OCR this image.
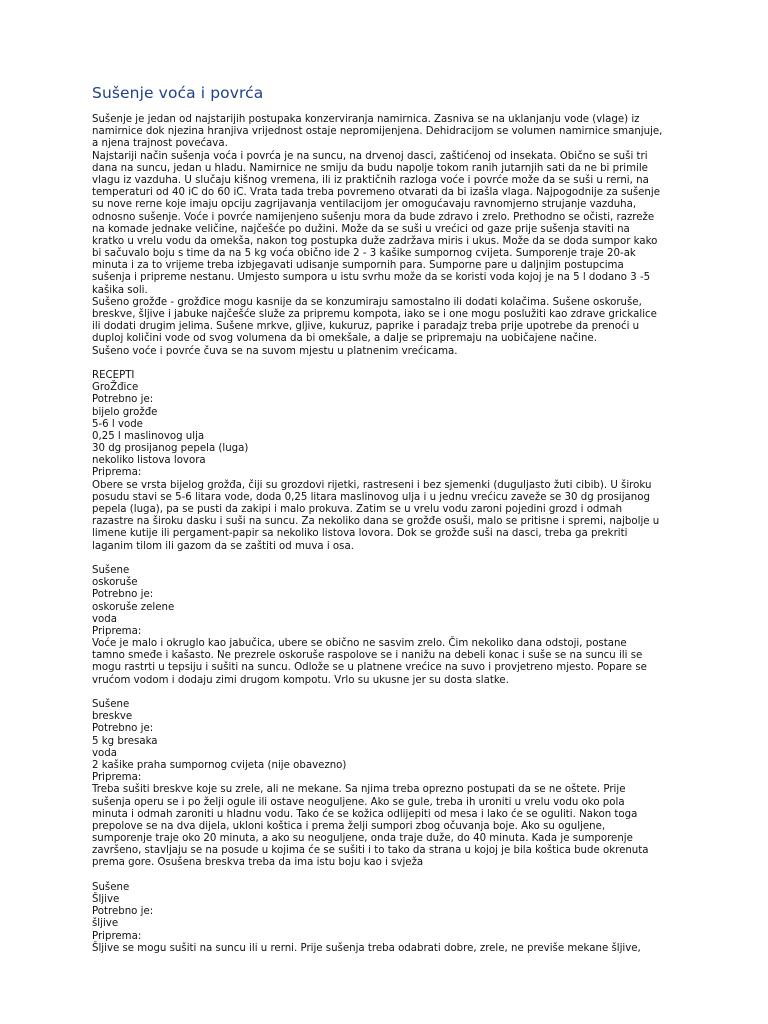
Sušenje voća i povrća
Sušenje je jedan od najstarijih postupaka konzerviranja namirnica. Zasniva se na uklanjanju vode (vlage) iz
namirnice dok njezina hranjiva vrijednost ostaje nepromijenjena. Dehidracijom se volumen namirnice smanjuje,
a njena trajnost povećava.
Najstariji način sušenja voća i povrća je na suncu, na drvenoj dasci, zaštićenoj od insekata. Obično se suši tri
dana na suncu, jedan u hladu. Namirnice ne smiju da budu napolje tokom ranih jutarnjih sati da ne bi primile
vlagu iz vazduha. U slučaju kišnog vremena, ili iz praktičnih razloga voće i povrće može da se suši u rerni, na
temperaturi od 40 iC do 60 iC. Vrata tada treba povremeno otvarati da bi izašla vlaga. Najpogodnije za sušenje
su nove rerne koje imaju opciju zagrijavanja ventilacijom jer omogućavaju ravnomjerno strujanje vazduha,
odnosno sušenje. Voće i povrće namijenjeno sušenju mora da bude zdravo i zrelo. Prethodno se očisti, razreže
na komade jednake veličine, najčešće po dužini. Može da se suši u vrećici od gaze prije sušenja staviti na
kratko u vrelu vodu da omekša, nakon tog postupka duže zadržava miris i ukus. Može da se doda sumpor kako
bi sačuvalo boju s time da na 5 kg voća obično ide 2 - 3 kašike sumpornog cvijeta. Sumporenje traje 20-ak
minuta i za to vrijeme treba izbjegavati udisanje sumpornih para. Sumporne pare u daljnjim postupcima
sušenja i pripreme nestanu. Umjesto sumpora u istu svrhu može da se koristi voda kojoj je na 5 l dodano 3 -5
kašika soli.
Sušeno grožđe - grožđice mogu kasnije da se konzumiraju samostalno ili dodati kolačima. Sušene oskoruše,
breskve, šljive i jabuke najčešće služe za pripremu kompota, iako se i one mogu poslužiti kao zdrave grickalice
ili dodati drugim jelima. Sušene mrkve, gljive, kukuruz, paprike i paradajz treba prije upotrebe da prenoći u
duploj količini vode od svog volumena da bi omekšale, a dalje se pripremaju na uobičajene načine.
Sušeno voće i povrće čuva se na suvom mjestu u platnenim vrećicama.
RECEPTI
GroŽđice
Potrebno je:
bijelo grožđe
5-6 l vode
0,25 l maslinovog ulja
30 dg prosijanog pepela (luga)
nekoliko listova lovora
Priprema:
Obere se vrsta bijelog grožđa, čiji su grozdovi rijetki, rastreseni i bez sjemenki (duguljasto žuti cibib). U široku
posudu stavi se 5-6 litara vode, doda 0,25 litara maslinovog ulja i u jednu vrećicu zaveže se 30 dg prosijanog
pepela (luga), pa se pusti da zakipi i malo prokuva. Zatim se u vrelu vodu zaroni pojedini grozd i odmah
razastre na široku dasku i suši na suncu. Za nekoliko dana se grožđe osuši, malo se pritisne i spremi, najbolje u
limene kutije ili pergament-papir sa nekoliko listova lovora. Dok se grožđe suši na dasci, treba ga prekriti
laganim tilom ili gazom da se zaštiti od muva i osa.
Sušene
oskoruše
Potrebno je:
oskoruše zelene
voda
Priprema:
Voće je malo i okruglo kao jabučica, ubere se obično ne sasvim zrelo. Čim nekoliko dana odstoji, postane
tamno smeđe i kašasto. Ne prezrele oskoruše raspolove se i nanižu na debeli konac i suše se na suncu ili se
mogu rastrti u tepsiju i sušiti na suncu. Odlože se u platnene vrećice na suvo i provjetreno mjesto. Popare se
vrućom vodom i dodaju zimi drugom kompotu. Vrlo su ukusne jer su dosta slatke.
Sušene
breskve
Potrebno je:
5 kg bresaka
voda
2 kašike praha sumpornog cvijeta (nije obavezno)
Priprema:
Treba sušiti breskve koje su zrele, ali ne mekane. Sa njima treba oprezno postupati da se ne oštete. Prije
sušenja operu se i po želji ogule ili ostave neoguljene. Ako se gule, treba ih uroniti u vrelu vodu oko pola
minuta i odmah zaroniti u hladnu vodu. Tako će se kožica odlijepiti od mesa i lako će se oguliti. Nakon toga
prepolove se na dva dijela, ukloni koštica i prema želji sumpori zbog očuvanja boje. Ako su oguljene,
sumporenje traje oko 20 minuta, a ako su neoguljene, onda traje duže, do 40 minuta. Kada je sumporenje
završeno, stavljaju se na posude u kojima će se sušiti i to tako da strana u kojoj je bila koštica bude okrenuta
prema gore. Osušena breskva treba da ima istu boju kao i svježa
Sušene
Šljive
Potrebno je:
šljive
Priprema:
Šljive se mogu sušiti na suncu ili u rerni. Prije sušenja treba odabrati dobre, zrele, ne previše mekane šljive,
